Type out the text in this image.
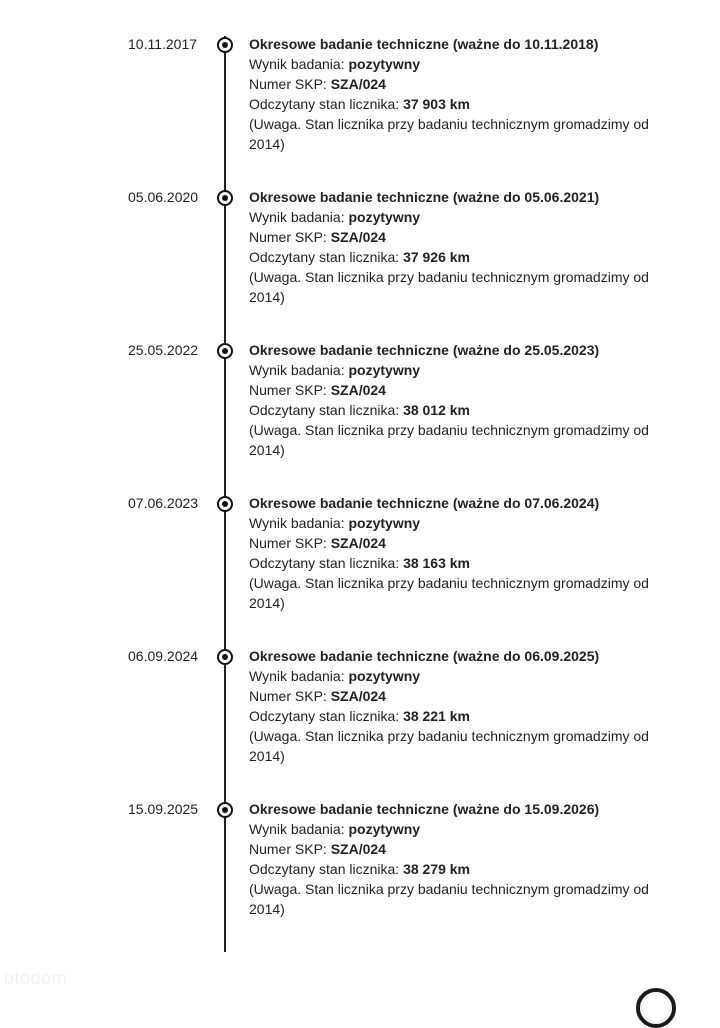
10.11.2017	Okresowe badanie techniczne (ważne do 10.11.2018)
Wynik badania: pozytywny
Numer SKP: SZA/024
Odczytany stan licznika: 37 903 km
(Uwaga. Stan licznika przy badaniu technicznym gromadzimy od 2014)
05.06.2020	Okresowe badanie techniczne (ważne do 05.06.2021)
Wynik badania: pozytywny
Numer SKP: SZA/024
Odczytany stan licznika: 37 926 km
(Uwaga. Stan licznika przy badaniu technicznym gromadzimy od 2014)
25.05.2022	Okresowe badanie techniczne (ważne do 25.05.2023)
Wynik badania: pozytywny
Numer SKP: SZA/024
Odczytany stan licznika: 38 012 km
(Uwaga. Stan licznika przy badaniu technicznym gromadzimy od 2014)
07.06.2023	Okresowe badanie techniczne (ważne do 07.06.2024)
Wynik badania: pozytywny
Numer SKP: SZA/024
Odczytany stan licznika: 38 163 km
(Uwaga. Stan licznika przy badaniu technicznym gromadzimy od 2014)
06.09.2024	Okresowe badanie techniczne (ważne do 06.09.2025)
Wynik badania: pozytywny
Numer SKP: SZA/024
Odczytany stan licznika: 38 221 km
(Uwaga. Stan licznika przy badaniu technicznym gromadzimy od 2014)
15.09.2025	Okresowe badanie techniczne (ważne do 15.09.2026)
Wynik badania: pozytywny
Numer SKP: SZA/024
Odczytany stan licznika: 38 279 km
(Uwaga. Stan licznika przy badaniu technicznym gromadzimy od 2014)
otodom
